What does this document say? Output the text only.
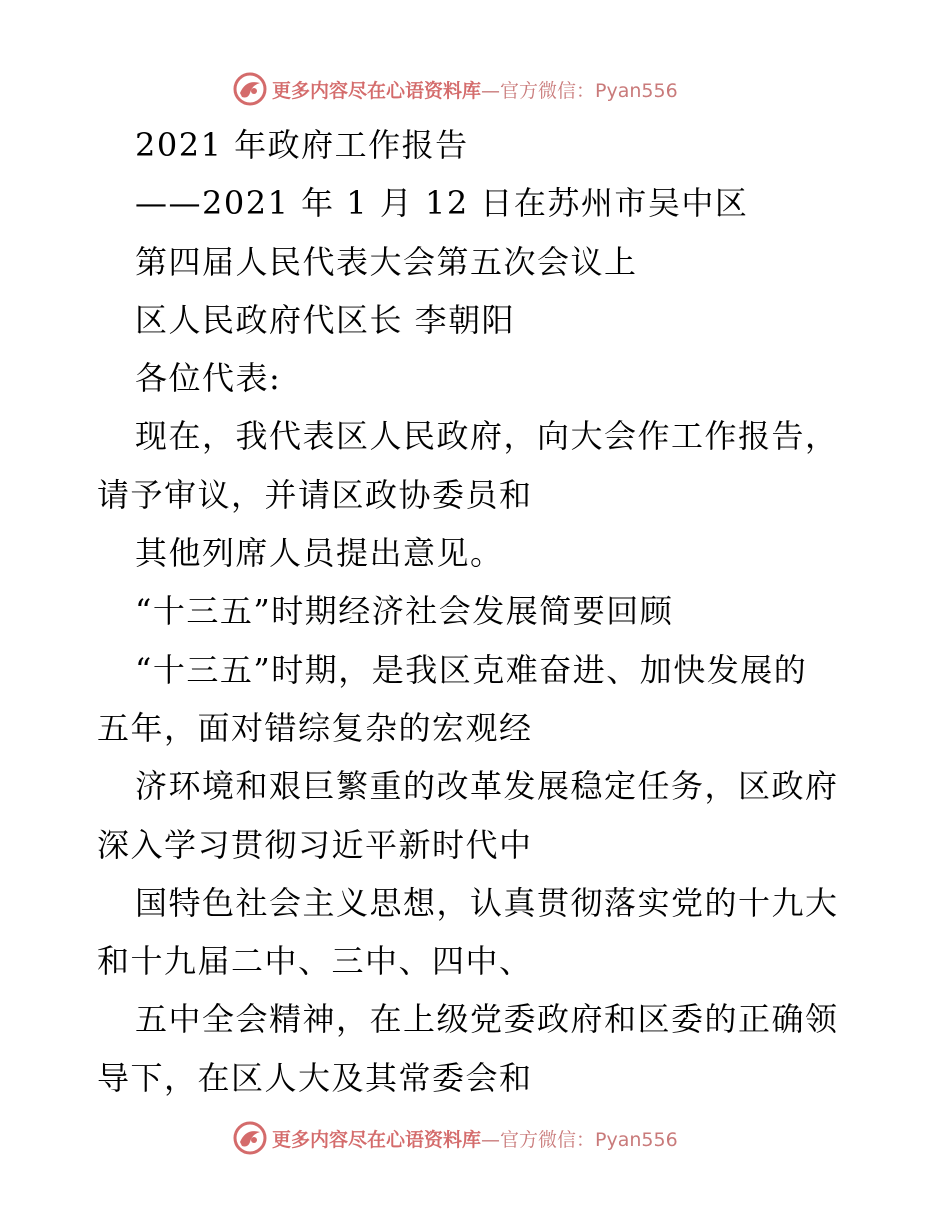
更多内容尽在心语资料库 —官方微信：Pyan556
2021 年政府工作报告
——2021 年 1 月 12 日在苏州市吴中区
第四届人民代表大会第五次会议上
区人民政府代区长 李朝阳
各位代表:
现在，我代表区人民政府，向大会作工作报告，
请予审议，并请区政协委员和
其他列席人员提出意见。
“十三五”时期经济社会发展简要回顾
“十三五”时期，是我区克难奋进、加快发展的
五年，面对错综复杂的宏观经
济环境和艰巨繁重的改革发展稳定任务，区政府
深入学习贯彻习近平新时代中
国特色社会主义思想，认真贯彻落实党的十九大
和十九届二中、三中、四中、
五中全会精神，在上级党委政府和区委的正确领
导下，在区人大及其常委会和
更多内容尽在心语资料库 —官方微信：Pyan556
